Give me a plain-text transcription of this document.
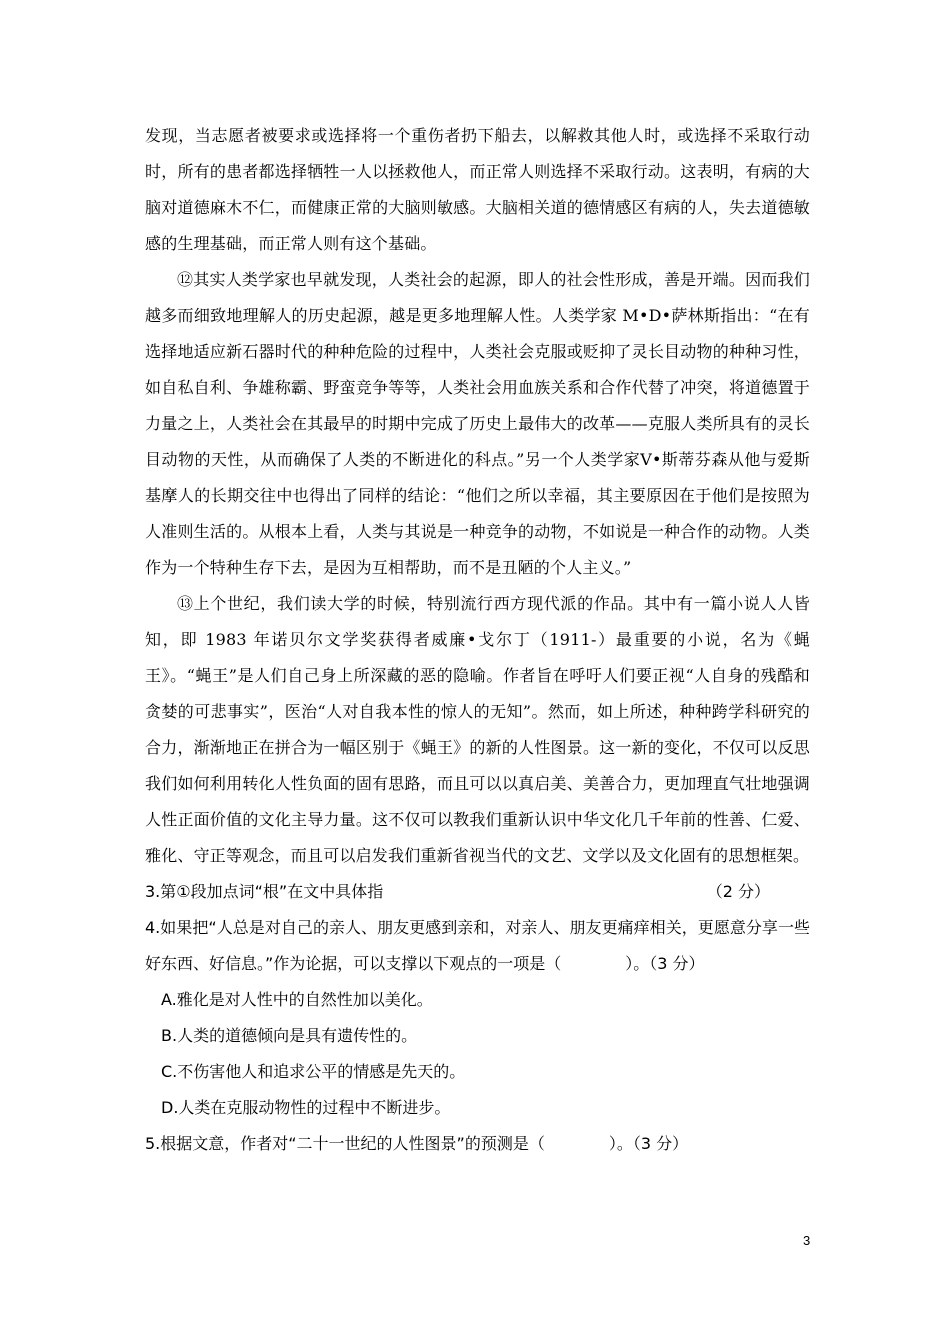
发现，当志愿者被要求或选择将一个重伤者扔下船去，以解救其他人时，或选择不采取行动时，所有的患者都选择牺牲一人以拯救他人，而正常人则选择不采取行动。这表明，有病的大脑对道德麻木不仁，而健康正常的大脑则敏感。大脑相关道的德情感区有病的人，失去道德敏感的生理基础，而正常人则有这个基础。

⑫其实人类学家也早就发现，人类社会的起源，即人的社会性形成，善是开端。因而我们越多而细致地理解人的历史起源，越是更多地理解人性。人类学家 M•D•萨林斯指出：“在有选择地适应新石器时代的种种危险的过程中，人类社会克服或贬抑了灵长目动物的种种习性，如自私自利、争雄称霸、野蛮竞争等等，人类社会用血族关系和合作代替了冲突，将道德置于力量之上，人类社会在其最早的时期中完成了历史上最伟大的改革——克服人类所具有的灵长目动物的天性，从而确保了人类的不断进化的科点。”另一个人类学家V•斯蒂芬森从他与爱斯基摩人的长期交往中也得出了同样的结论：“他们之所以幸福，其主要原因在于他们是按照为人准则生活的。从根本上看，人类与其说是一种竞争的动物，不如说是一种合作的动物。人类作为一个特种生存下去，是因为互相帮助，而不是丑陋的个人主义。”

⑬上个世纪，我们读大学的时候，特别流行西方现代派的作品。其中有一篇小说人人皆知，即 1983 年诺贝尔文学奖获得者威廉•戈尔丁（1911-）最重要的小说，名为《蝇王》。“蝇王”是人们自己身上所深藏的恶的隐喻。作者旨在呼吁人们要正视“人自身的残酷和贪婪的可悲事实”，医治“人对自我本性的惊人的无知”。然而，如上所述，种种跨学科研究的合力，渐渐地正在拼合为一幅区别于《蝇王》的新的人性图景。这一新的变化，不仅可以反思我们如何利用转化人性负面的固有思路，而且可以以真启美、美善合力，更加理直气壮地强调人性正面价值的文化主导力量。这不仅可以教我们重新认识中华文化几千年前的性善、仁爱、雅化、守正等观念，而且可以启发我们重新省视当代的文艺、文学以及文化固有的思想框架。

3.第①段加点词“根”在文中具体指	（2 分）

4.如果把“人总是对自己的亲人、朋友更感到亲和，对亲人、朋友更痛痒相关，更愿意分享一些好东西、好信息。”作为论据，可以支撑以下观点的一项是（　　　　）。（3 分）

A.雅化是对人性中的自然性加以美化。

B.人类的道德倾向是具有遗传性的。

C.不伤害他人和追求公平的情感是先天的。

D.人类在克服动物性的过程中不断进步。

5.根据文意，作者对“二十一世纪的人性图景”的预测是（　　　　）。（3 分）

3
